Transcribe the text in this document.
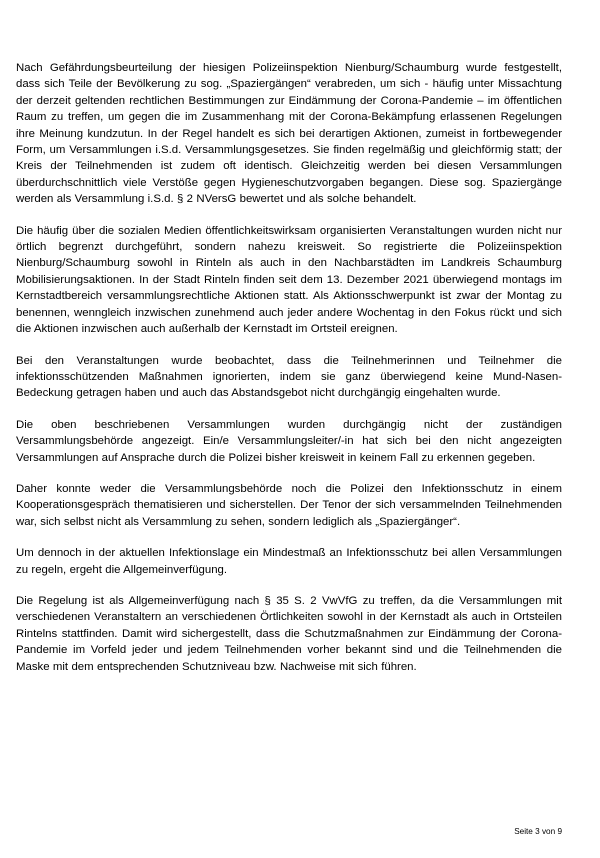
Nach Gefährdungsbeurteilung der hiesigen Polizeiinspektion Nienburg/Schaumburg wurde festgestellt, dass sich Teile der Bevölkerung zu sog. „Spaziergängen“ verabreden, um sich - häufig unter Missachtung der derzeit geltenden rechtlichen Bestimmungen zur Eindämmung der Corona-Pandemie – im öffentlichen Raum zu treffen, um gegen die im Zusammenhang mit der Corona-Bekämpfung erlassenen Regelungen ihre Meinung kundzutun. In der Regel handelt es sich bei derartigen Aktionen, zumeist in fortbewegender Form, um Versammlungen i.S.d. Versammlungsgesetzes. Sie finden regelmäßig und gleichförmig statt; der Kreis der Teilnehmenden ist zudem oft identisch. Gleichzeitig werden bei diesen Versammlungen überdurchschnittlich viele Verstöße gegen Hygieneschutzvorgaben begangen. Diese sog. Spaziergänge werden als Versammlung i.S.d. § 2 NVersG bewertet und als solche behandelt.

Die häufig über die sozialen Medien öffentlichkeitswirksam organisierten Veranstaltungen wurden nicht nur örtlich begrenzt durchgeführt, sondern nahezu kreisweit. So registrierte die Polizeiinspektion Nienburg/Schaumburg sowohl in Rinteln als auch in den Nachbarstädten im Landkreis Schaumburg Mobilisierungsaktionen. In der Stadt Rinteln finden seit dem 13. Dezember 2021 überwiegend montags im Kernstadtbereich versammlungsrechtliche Aktionen statt. Als Aktionsschwerpunkt ist zwar der Montag zu benennen, wenngleich inzwischen zunehmend auch jeder andere Wochentag in den Fokus rückt und sich die Aktionen inzwischen auch außerhalb der Kernstadt im Ortsteil ereignen.

Bei den Veranstaltungen wurde beobachtet, dass die Teilnehmerinnen und Teilnehmer die infektionsschützenden Maßnahmen ignorierten, indem sie ganz überwiegend keine Mund-Nasen-Bedeckung getragen haben und auch das Abstandsgebot nicht durchgängig eingehalten wurde.

Die oben beschriebenen Versammlungen wurden durchgängig nicht der zuständigen Versammlungsbehörde angezeigt. Ein/e Versammlungsleiter/-in hat sich bei den nicht angezeigten Versammlungen auf Ansprache durch die Polizei bisher kreisweit in keinem Fall zu erkennen gegeben.

Daher konnte weder die Versammlungsbehörde noch die Polizei den Infektionsschutz in einem Kooperationsgespräch thematisieren und sicherstellen. Der Tenor der sich versammelnden Teilnehmenden war, sich selbst nicht als Versammlung zu sehen, sondern lediglich als „Spaziergänger“.

Um dennoch in der aktuellen Infektionslage ein Mindestmaß an Infektionsschutz bei allen Versammlungen zu regeln, ergeht die Allgemeinverfügung.

Die Regelung ist als Allgemeinverfügung nach § 35 S. 2 VwVfG zu treffen, da die Versammlungen mit verschiedenen Veranstaltern an verschiedenen Örtlichkeiten sowohl in der Kernstadt als auch in Ortsteilen Rintelns stattfinden. Damit wird sichergestellt, dass die Schutzmaßnahmen zur Eindämmung der Corona-Pandemie im Vorfeld jeder und jedem Teilnehmenden vorher bekannt sind und die Teilnehmenden die Maske mit dem entsprechenden Schutzniveau bzw. Nachweise mit sich führen.

Seite 3 von 9
